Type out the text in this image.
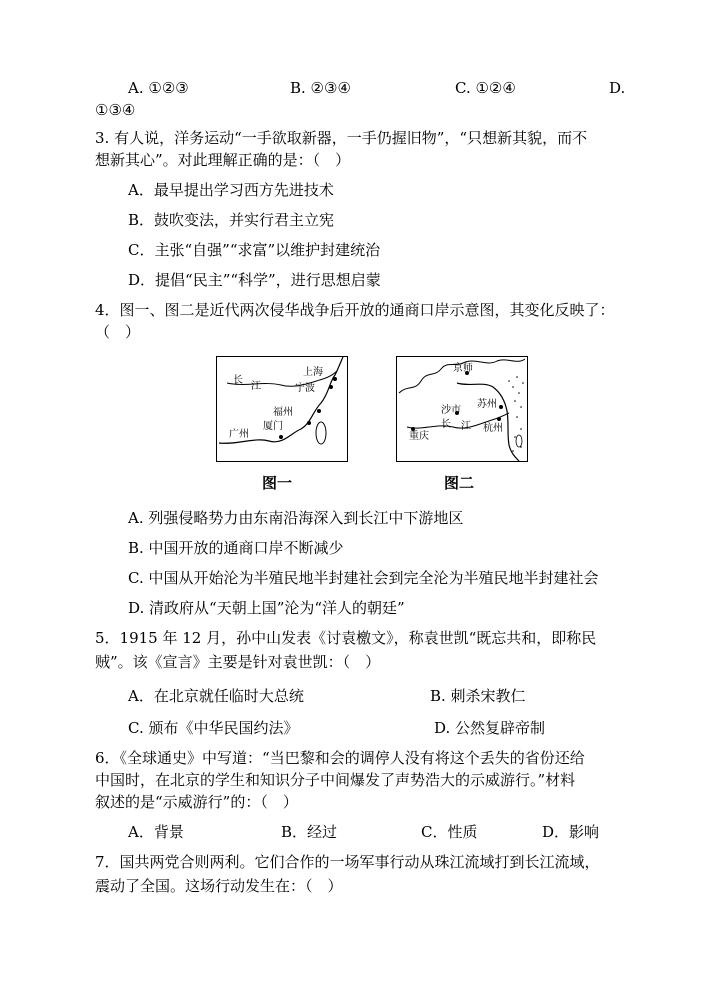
A. ①②③	B. ②③④	C. ①②④	D.
①③④
3. 有人说，洋务运动“一手欲取新器，一手仍握旧物”，“只想新其貌，而不
想新其心”。对此理解正确的是：（　）
A．最早提出学习西方先进技术
B．鼓吹变法，并实行君主立宪
C．主张“自强”“求富”以维护封建统治
D．提倡“民主”“科学”，进行思想启蒙
4．图一、图二是近代两次侵华战争后开放的通商口岸示意图，其变化反映了：
（　）
长
江
上海
宁波
福州
厦门
广州
图一
京师
沙市
苏州
重庆
长 江 杭州
图二
A. 列强侵略势力由东南沿海深入到长江中下游地区
B. 中国开放的通商口岸不断减少
C. 中国从开始沦为半殖民地半封建社会到完全沦为半殖民地半封建社会
D. 清政府从“天朝上国”沦为“洋人的朝廷”
5．1915 年 12 月，孙中山发表《讨袁檄文》，称袁世凯“既忘共和，即称民
贼”。该《宣言》主要是针对袁世凯：（　）
A．在北京就任临时大总统	B. 刺杀宋教仁
C. 颁布《中华民国约法》	D. 公然复辟帝制
6．《全球通史》中写道：“当巴黎和会的调停人没有将这个丢失的省份还给
中国时，在北京的学生和知识分子中间爆发了声势浩大的示威游行。”材料
叙述的是“示威游行”的：（　）
A．背景	B．经过	C．性质	D．影响
7．国共两党合则两利。它们合作的一场军事行动从珠江流域打到长江流域，
震动了全国。这场行动发生在：（　）
